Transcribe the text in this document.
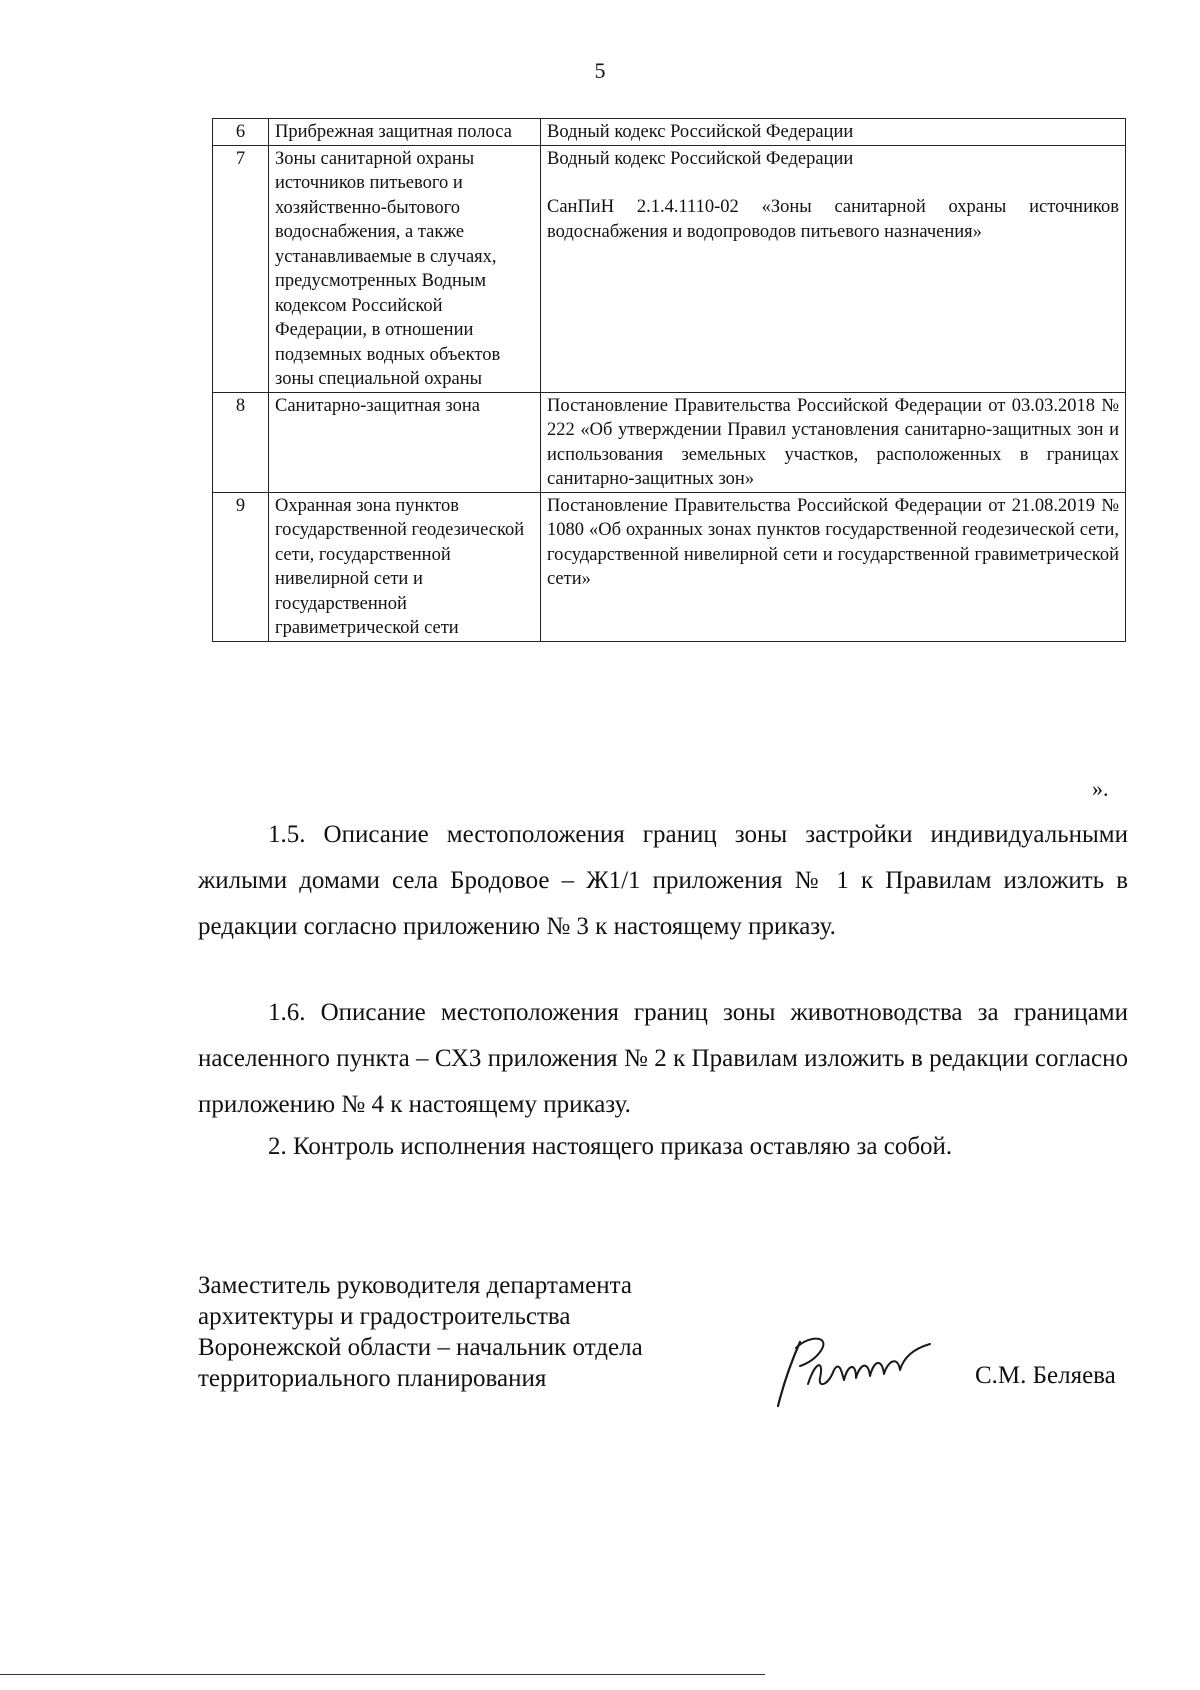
5
6	Прибрежная защитная полоса	Водный кодекс Российской Федерации

7	Зоны санитарной охраны источников питьевого и хозяйственно-бытового водоснабжения, а также устанавливаемые в случаях, предусмотренных Водным кодексом Российской Федерации, в отношении подземных водных объектов зоны специальной охраны	Водный кодекс Российской Федерации
СанПиН 2.1.4.1110-02 «Зоны санитарной охраны источников водоснабжения и водопроводов питьевого назначения»

8	Санитарно-защитная зона	Постановление Правительства Российской Федерации от 03.03.2018 № 222 «Об утверждении Правил установления санитарно-защитных зон и использования земельных участков, расположенных в границах санитарно-защитных зон»

9	Охранная зона пунктов государственной геодезической сети, государственной нивелирной сети и государственной гравиметрической сети	Постановление Правительства Российской Федерации от 21.08.2019 № 1080 «Об охранных зонах пунктов государственной геодезической сети, государственной нивелирной сети и государственной гравиметрической сети»
».

1.5. Описание местоположения границ зоны застройки индивидуальными жилыми домами села Бродовое – Ж1/1 приложения № 1 к Правилам изложить в редакции согласно приложению № 3 к настоящему приказу.

1.6. Описание местоположения границ зоны животноводства за границами населенного пункта – СХ3 приложения № 2 к Правилам изложить в редакции согласно приложению № 4 к настоящему приказу.

2. Контроль исполнения настоящего приказа оставляю за собой.

Заместитель руководителя департамента
архитектуры и градостроительства
Воронежской области – начальник отдела
территориального планирования	С.М. Беляева
